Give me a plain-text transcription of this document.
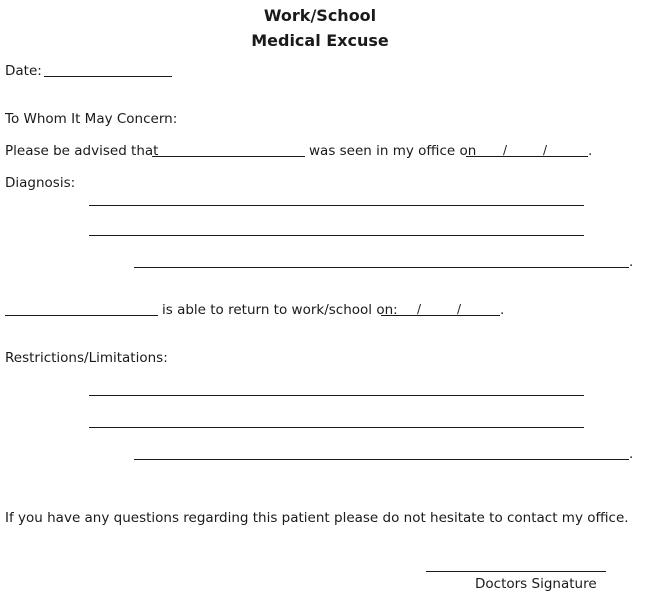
Work/School
Medical Excuse
Date:
To Whom It May Concern:
Please be advised that	was seen in my office on /	/	.
Diagnosis:
.
is able to return to work/school on: /	/	.
Restrictions/Limitations:
.
If you have any questions regarding this patient please do not hesitate to contact my office.
Doctors Signature
